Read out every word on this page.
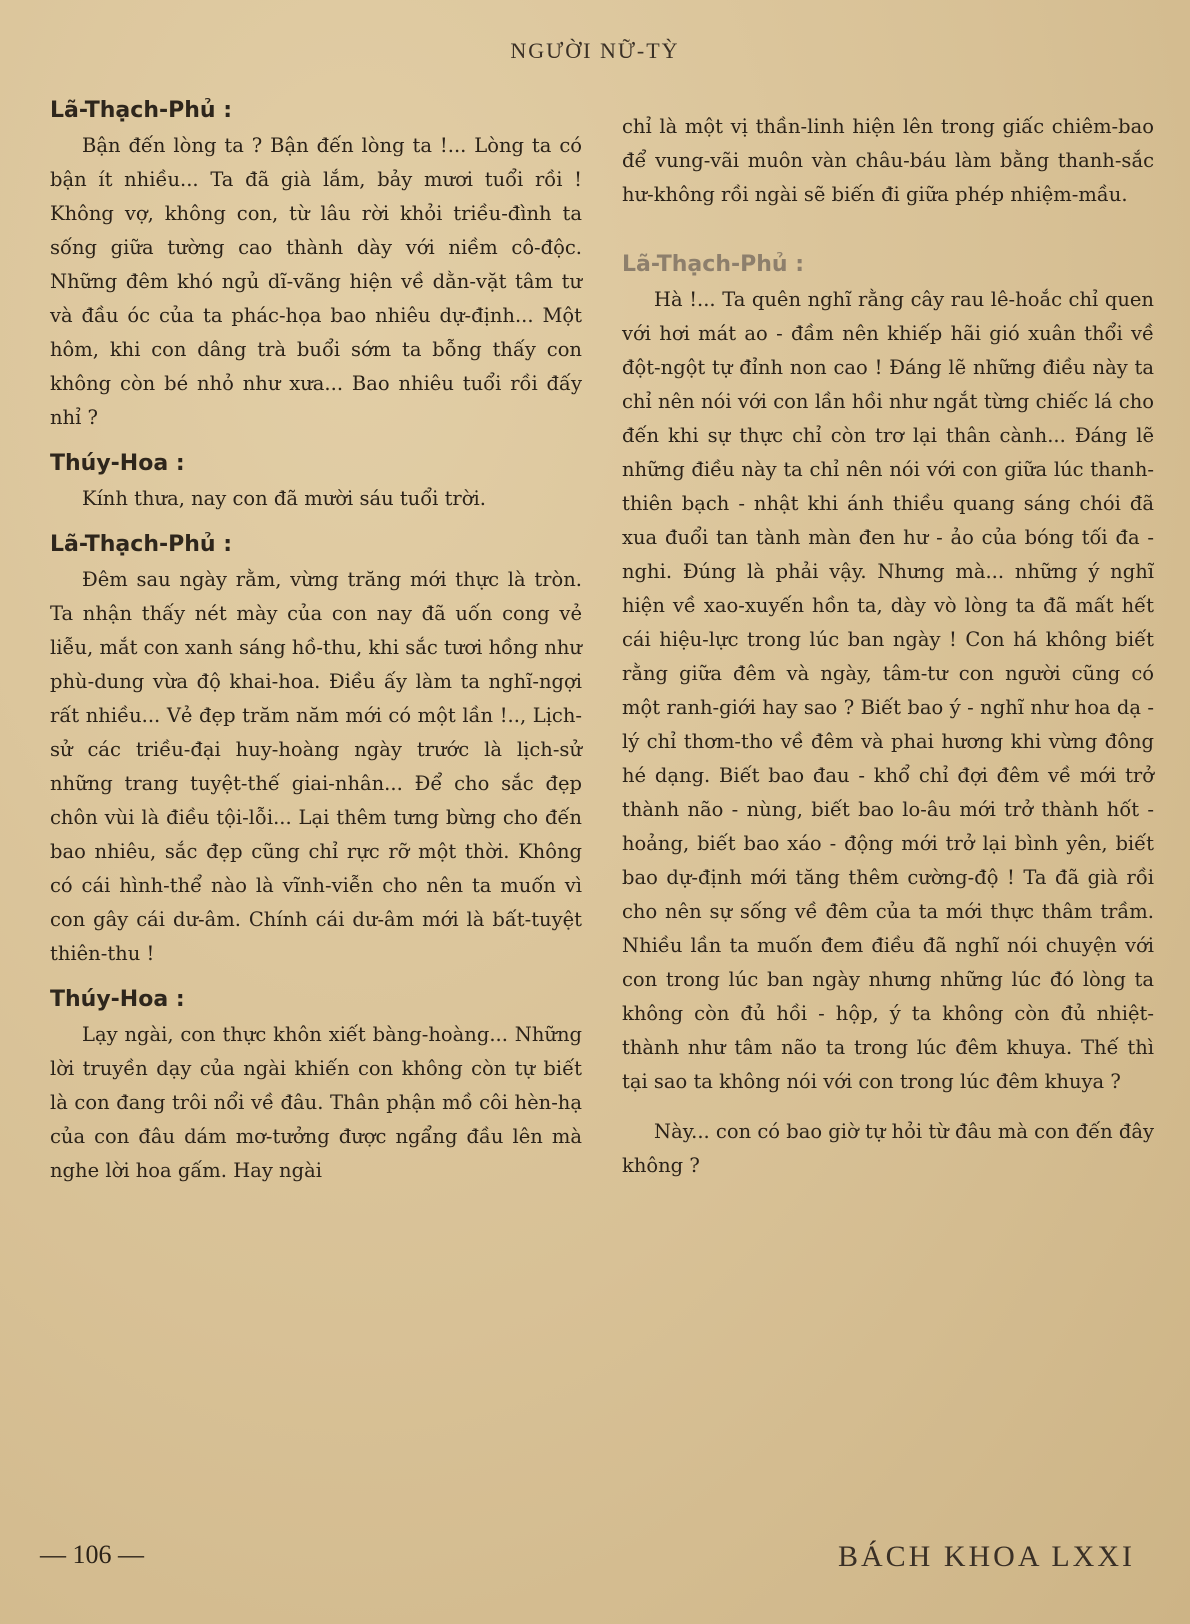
NGƯỜI NỮ-TỲ
Lã-Thạch-Phủ :

Bận đến lòng ta ? Bận đến lòng ta !... Lòng ta có bận ít nhiều... Ta đã già lắm, bảy mươi tuổi rồi ! Không vợ, không con, từ lâu rời khỏi triều-đình ta sống giữa tường cao thành dày với niềm cô-độc. Những đêm khó ngủ dĩ-vãng hiện về dằn-vặt tâm tư và đầu óc của ta phác-họa bao nhiêu dự-định... Một hôm, khi con dâng trà buổi sớm ta bỗng thấy con không còn bé nhỏ như xưa... Bao nhiêu tuổi rồi đấy nhỉ ?

Thúy-Hoa :

Kính thưa, nay con đã mười sáu tuổi trời.

Lã-Thạch-Phủ :

Đêm sau ngày rằm, vừng trăng mới thực là tròn. Ta nhận thấy nét mày của con nay đã uốn cong vẻ liễu, mắt con xanh sáng hồ-thu, khi sắc tươi hồng như phù-dung vừa độ khai-hoa. Điều ấy làm ta nghĩ-ngợi rất nhiều... Vẻ đẹp trăm năm mới có một lần !.., Lịch-sử các triều-đại huy-hoàng ngày trước là lịch-sử những trang tuyệt-thế giai-nhân... Để cho sắc đẹp chôn vùi là điều tội-lỗi... Lại thêm tưng bừng cho đến bao nhiêu, sắc đẹp cũng chỉ rực rỡ một thời. Không có cái hình-thể nào là vĩnh-viễn cho nên ta muốn vì con gây cái dư-âm. Chính cái dư-âm mới là bất-tuyệt thiên-thu !

Thúy-Hoa :

Lạy ngài, con thực khôn xiết bàng-hoàng... Những lời truyền dạy của ngài khiến con không còn tự biết là con đang trôi nổi về đâu. Thân phận mồ côi hèn-hạ của con đâu dám mơ-tưởng được ngẩng đầu lên mà nghe lời hoa gấm. Hay ngài

chỉ là một vị thần-linh hiện lên trong giấc chiêm-bao để vung-vãi muôn vàn châu-báu làm bằng thanh-sắc hư-không rồi ngài sẽ biến đi giữa phép nhiệm-mầu.

Lã-Thạch-Phủ :

Hà !... Ta quên nghĩ rằng cây rau lê-hoắc chỉ quen với hơi mát ao - đầm nên khiếp hãi gió xuân thổi về đột-ngột tự đỉnh non cao ! Đáng lẽ những điều này ta chỉ nên nói với con lần hồi như ngắt từng chiếc lá cho đến khi sự thực chỉ còn trơ lại thân cành... Đáng lẽ những điều này ta chỉ nên nói với con giữa lúc thanh-thiên bạch - nhật khi ánh thiều quang sáng chói đã xua đuổi tan tành màn đen hư - ảo của bóng tối đa - nghi. Đúng là phải vậy. Nhưng mà... những ý nghĩ hiện về xao-xuyến hồn ta, dày vò lòng ta đã mất hết cái hiệu-lực trong lúc ban ngày ! Con há không biết rằng giữa đêm và ngày, tâm-tư con người cũng có một ranh-giới hay sao ? Biết bao ý - nghĩ như hoa dạ - lý chỉ thơm-tho về đêm và phai hương khi vừng đông hé dạng. Biết bao đau - khổ chỉ đợi đêm về mới trở thành não - nùng, biết bao lo-âu mới trở thành hốt - hoảng, biết bao xáo - động mới trở lại bình yên, biết bao dự-định mới tăng thêm cường-độ ! Ta đã già rồi cho nên sự sống về đêm của ta mới thực thâm trầm. Nhiều lần ta muốn đem điều đã nghĩ nói chuyện với con trong lúc ban ngày nhưng những lúc đó lòng ta không còn đủ hồi - hộp, ý ta không còn đủ nhiệt-thành như tâm não ta trong lúc đêm khuya. Thế thì tại sao ta không nói với con trong lúc đêm khuya ?

Này... con có bao giờ tự hỏi từ đâu mà con đến đây không ?

— 106 —	BÁCH KHOA LXXI
